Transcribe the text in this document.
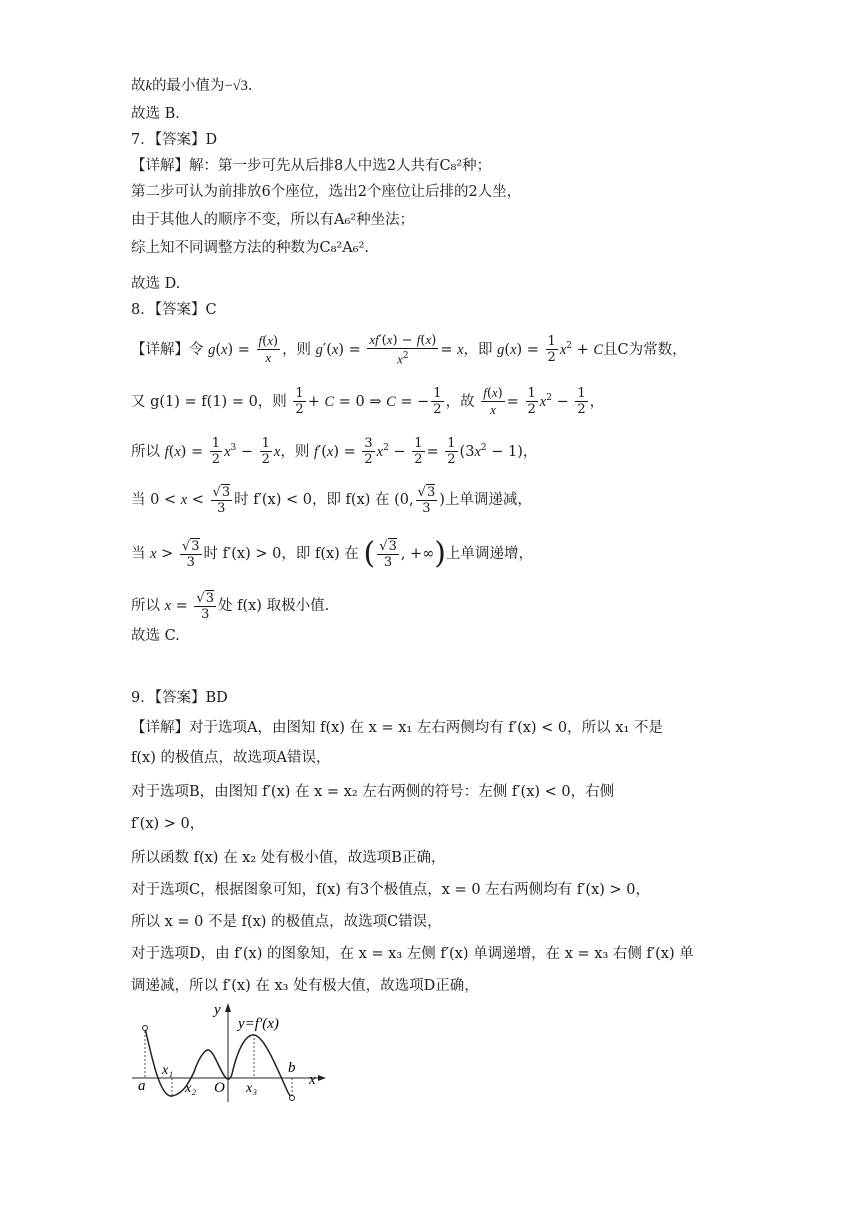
故k的最小值为−√3.
故选 B.
7．【答案】D
【详解】解：第一步可先从后排8人中选2人共有C₈²种；
第二步可认为前排放6个座位，选出2个座位让后排的2人坐，
由于其他人的顺序不变，所以有A₆²种坐法；
综上知不同调整方法的种数为C₈²A₆².
故选 D.
8．【答案】C
【详解】令 $g(x) = \frac{f(x)}{x}$ ，则 $g'(x) = \frac{xf'(x) - f(x)}{x^2} = x$，即 $g(x) = \frac{1}{2} x^2 + C$且C为常数，
又 g(1) = f(1) = 0，则 $\frac{1}{2} + C = 0$ ⇒ C = − $\frac{1}{2}$ ，故 $\frac{f(x)}{x} = \frac{1}{2} x^2 - \frac{1}{2}$ ，
所以 $f(x) = \frac{1}{2} x^3 - \frac{1}{2}$ x，则 $f'(x) = \frac{3}{2} x^2 - \frac{1}{2} = \frac{1}{2} (3x^2 - 1)$，
当 $0 < x < \frac{√3}{3}$ 时 f′(x) < 0，即 f(x) 在 (0, $\frac{√3}{3}$ )上单调递减，
当 $x > \frac{√3}{3}$ 时 f′(x) > 0，即 f(x) 在 ( $\frac{√3}{3}$ , +∞)上单调递增，
所以 $x = \frac{√3}{3}$ 处 f(x) 取极小值.
故选 C.
9．【答案】BD
【详解】对于选项A，由图知 f(x) 在 x = x₁ 左右两侧均有 f′(x) < 0，所以 x₁ 不是
f(x) 的极值点，故选项A错误，
对于选项B，由图知 f′(x) 在 x = x₂ 左右两侧的符号：左侧 f′(x) < 0，右侧
f′(x) > 0，
所以函数 f(x) 在 x₂ 处有极小值，故选项B正确，
对于选项C，根据图象可知，f(x) 有3个极值点，x = 0 左右两侧均有 f′(x) > 0，
所以 x = 0 不是 f(x) 的极值点，故选项C错误，
对于选项D，由 f′(x) 的图象知，在 x = x₃ 左侧 f′(x) 单调递增，在 x = x₃ 右侧 f′(x) 单
调递减，所以 f′(x) 在 x₃ 处有极大值，故选项D正确，
y
y=f′(x)
x
a
x₁
x₂ O x₃
b
